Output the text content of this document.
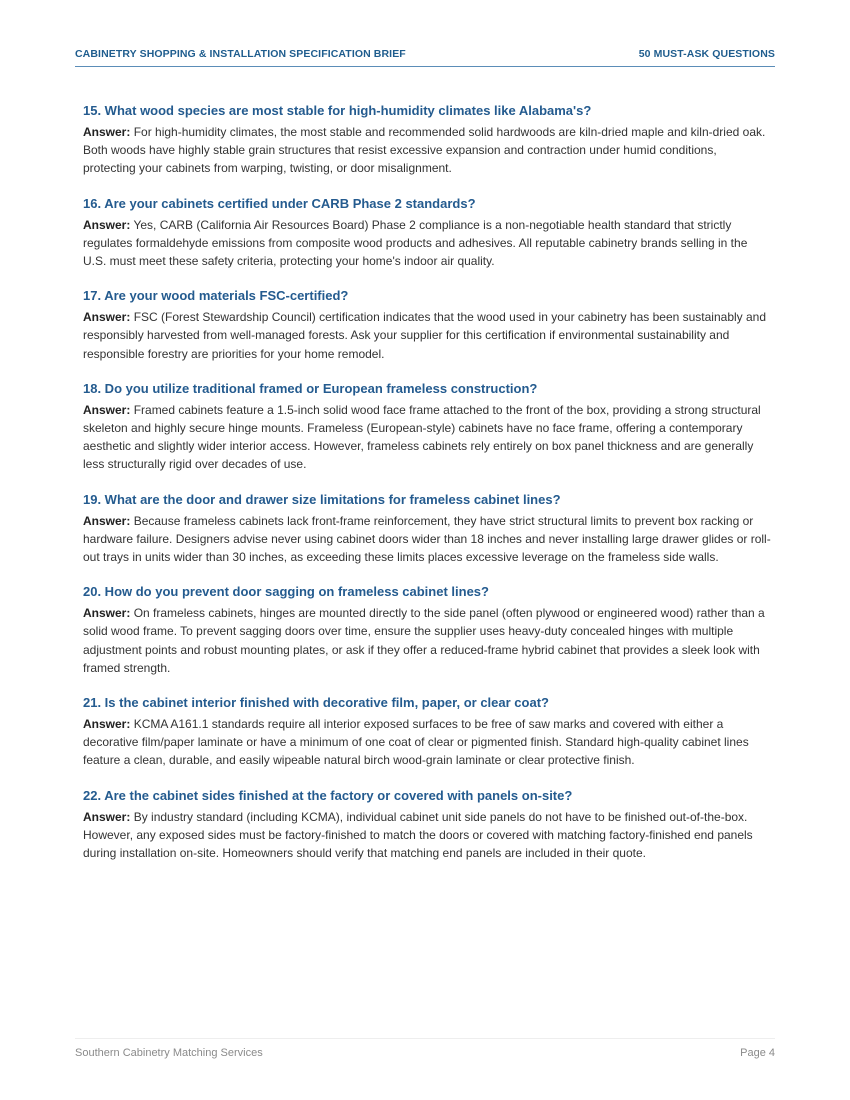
CABINETRY SHOPPING & INSTALLATION SPECIFICATION BRIEF	50 MUST-ASK QUESTIONS
15. What wood species are most stable for high-humidity climates like Alabama's?

Answer: For high-humidity climates, the most stable and recommended solid hardwoods are kiln-dried maple and kiln-dried oak. Both woods have highly stable grain structures that resist excessive expansion and contraction under humid conditions, protecting your cabinets from warping, twisting, or door misalignment.

16. Are your cabinets certified under CARB Phase 2 standards?

Answer: Yes, CARB (California Air Resources Board) Phase 2 compliance is a non-negotiable health standard that strictly regulates formaldehyde emissions from composite wood products and adhesives. All reputable cabinetry brands selling in the U.S. must meet these safety criteria, protecting your home's indoor air quality.

17. Are your wood materials FSC-certified?

Answer: FSC (Forest Stewardship Council) certification indicates that the wood used in your cabinetry has been sustainably and responsibly harvested from well-managed forests. Ask your supplier for this certification if environmental sustainability and responsible forestry are priorities for your home remodel.

18. Do you utilize traditional framed or European frameless construction?

Answer: Framed cabinets feature a 1.5-inch solid wood face frame attached to the front of the box, providing a strong structural skeleton and highly secure hinge mounts. Frameless (European-style) cabinets have no face frame, offering a contemporary aesthetic and slightly wider interior access. However, frameless cabinets rely entirely on box panel thickness and are generally less structurally rigid over decades of use.

19. What are the door and drawer size limitations for frameless cabinet lines?

Answer: Because frameless cabinets lack front-frame reinforcement, they have strict structural limits to prevent box racking or hardware failure. Designers advise never using cabinet doors wider than 18 inches and never installing large drawer glides or roll-out trays in units wider than 30 inches, as exceeding these limits places excessive leverage on the frameless side walls.

20. How do you prevent door sagging on frameless cabinet lines?

Answer: On frameless cabinets, hinges are mounted directly to the side panel (often plywood or engineered wood) rather than a solid wood frame. To prevent sagging doors over time, ensure the supplier uses heavy-duty concealed hinges with multiple adjustment points and robust mounting plates, or ask if they offer a reduced-frame hybrid cabinet that provides a sleek look with framed strength.

21. Is the cabinet interior finished with decorative film, paper, or clear coat?

Answer: KCMA A161.1 standards require all interior exposed surfaces to be free of saw marks and covered with either a decorative film/paper laminate or have a minimum of one coat of clear or pigmented finish. Standard high-quality cabinet lines feature a clean, durable, and easily wipeable natural birch wood-grain laminate or clear protective finish.

22. Are the cabinet sides finished at the factory or covered with panels on-site?

Answer: By industry standard (including KCMA), individual cabinet unit side panels do not have to be finished out-of-the-box. However, any exposed sides must be factory-finished to match the doors or covered with matching factory-finished end panels during installation on-site. Homeowners should verify that matching end panels are included in their quote.

Southern Cabinetry Matching Services	Page 4
